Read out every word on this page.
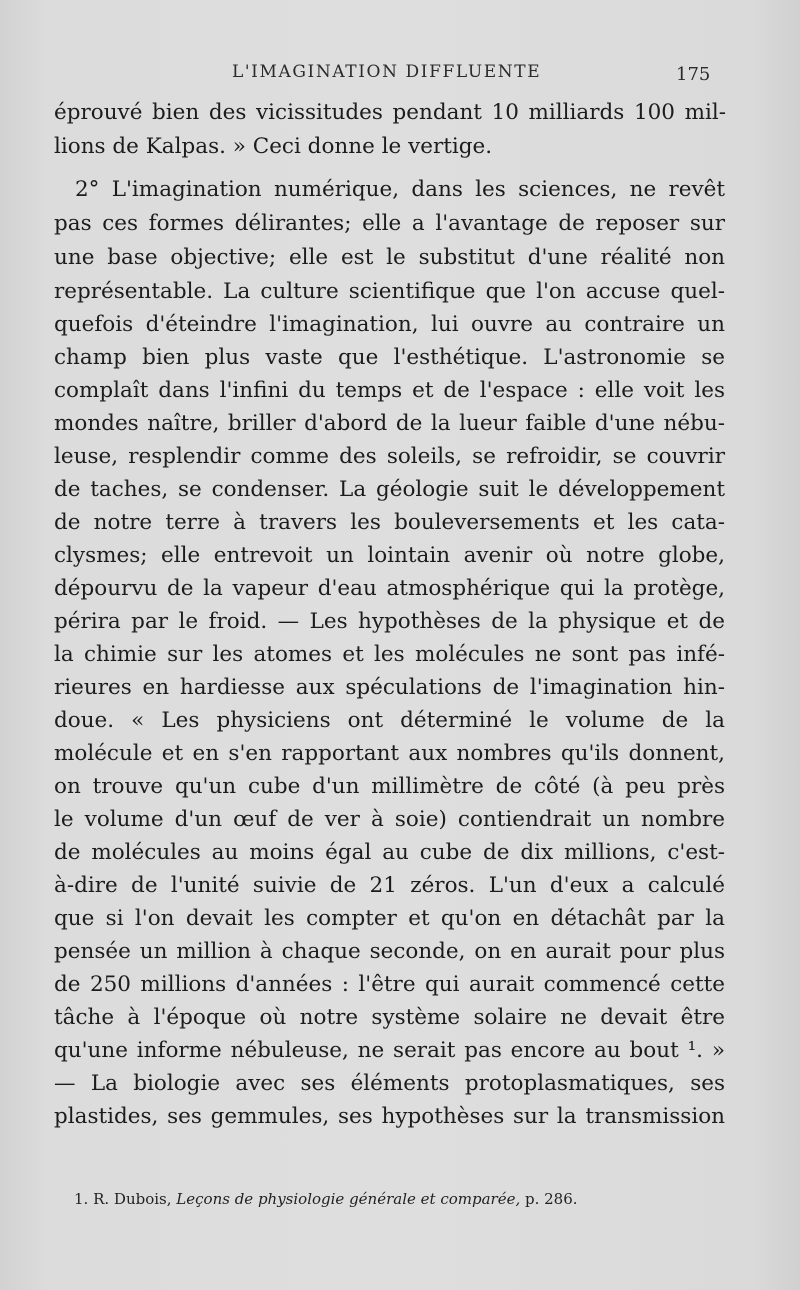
L'IMAGINATION DIFFLUENTE	175
éprouvé bien des vicissitudes pendant 10 milliards 100 mil-
lions de Kalpas. » Ceci donne le vertige.
2° L'imagination numérique, dans les sciences, ne revêt
pas ces formes délirantes; elle a l'avantage de reposer sur
une base objective; elle est le substitut d'une réalité non
représentable. La culture scientifique que l'on accuse quel-
quefois d'éteindre l'imagination, lui ouvre au contraire un
champ bien plus vaste que l'esthétique. L'astronomie se
complaît dans l'infini du temps et de l'espace : elle voit les
mondes naître, briller d'abord de la lueur faible d'une nébu-
leuse, resplendir comme des soleils, se refroidir, se couvrir
de taches, se condenser. La géologie suit le développement
de notre terre à travers les bouleversements et les cata-
clysmes; elle entrevoit un lointain avenir où notre globe,
dépourvu de la vapeur d'eau atmosphérique qui la protège,
périra par le froid. — Les hypothèses de la physique et de
la chimie sur les atomes et les molécules ne sont pas infé-
rieures en hardiesse aux spéculations de l'imagination hin-
doue. « Les physiciens ont déterminé le volume de la
molécule et en s'en rapportant aux nombres qu'ils donnent,
on trouve qu'un cube d'un millimètre de côté (à peu près
le volume d'un œuf de ver à soie) contiendrait un nombre
de molécules au moins égal au cube de dix millions, c'est-
à-dire de l'unité suivie de 21 zéros. L'un d'eux a calculé
que si l'on devait les compter et qu'on en détachât par la
pensée un million à chaque seconde, on en aurait pour plus
de 250 millions d'années : l'être qui aurait commencé cette
tâche à l'époque où notre système solaire ne devait être
qu'une informe nébuleuse, ne serait pas encore au bout ¹. »
— La biologie avec ses éléments protoplasmatiques, ses
plastides, ses gemmules, ses hypothèses sur la transmission
1. R. Dubois, Leçons de physiologie générale et comparée, p. 286.
